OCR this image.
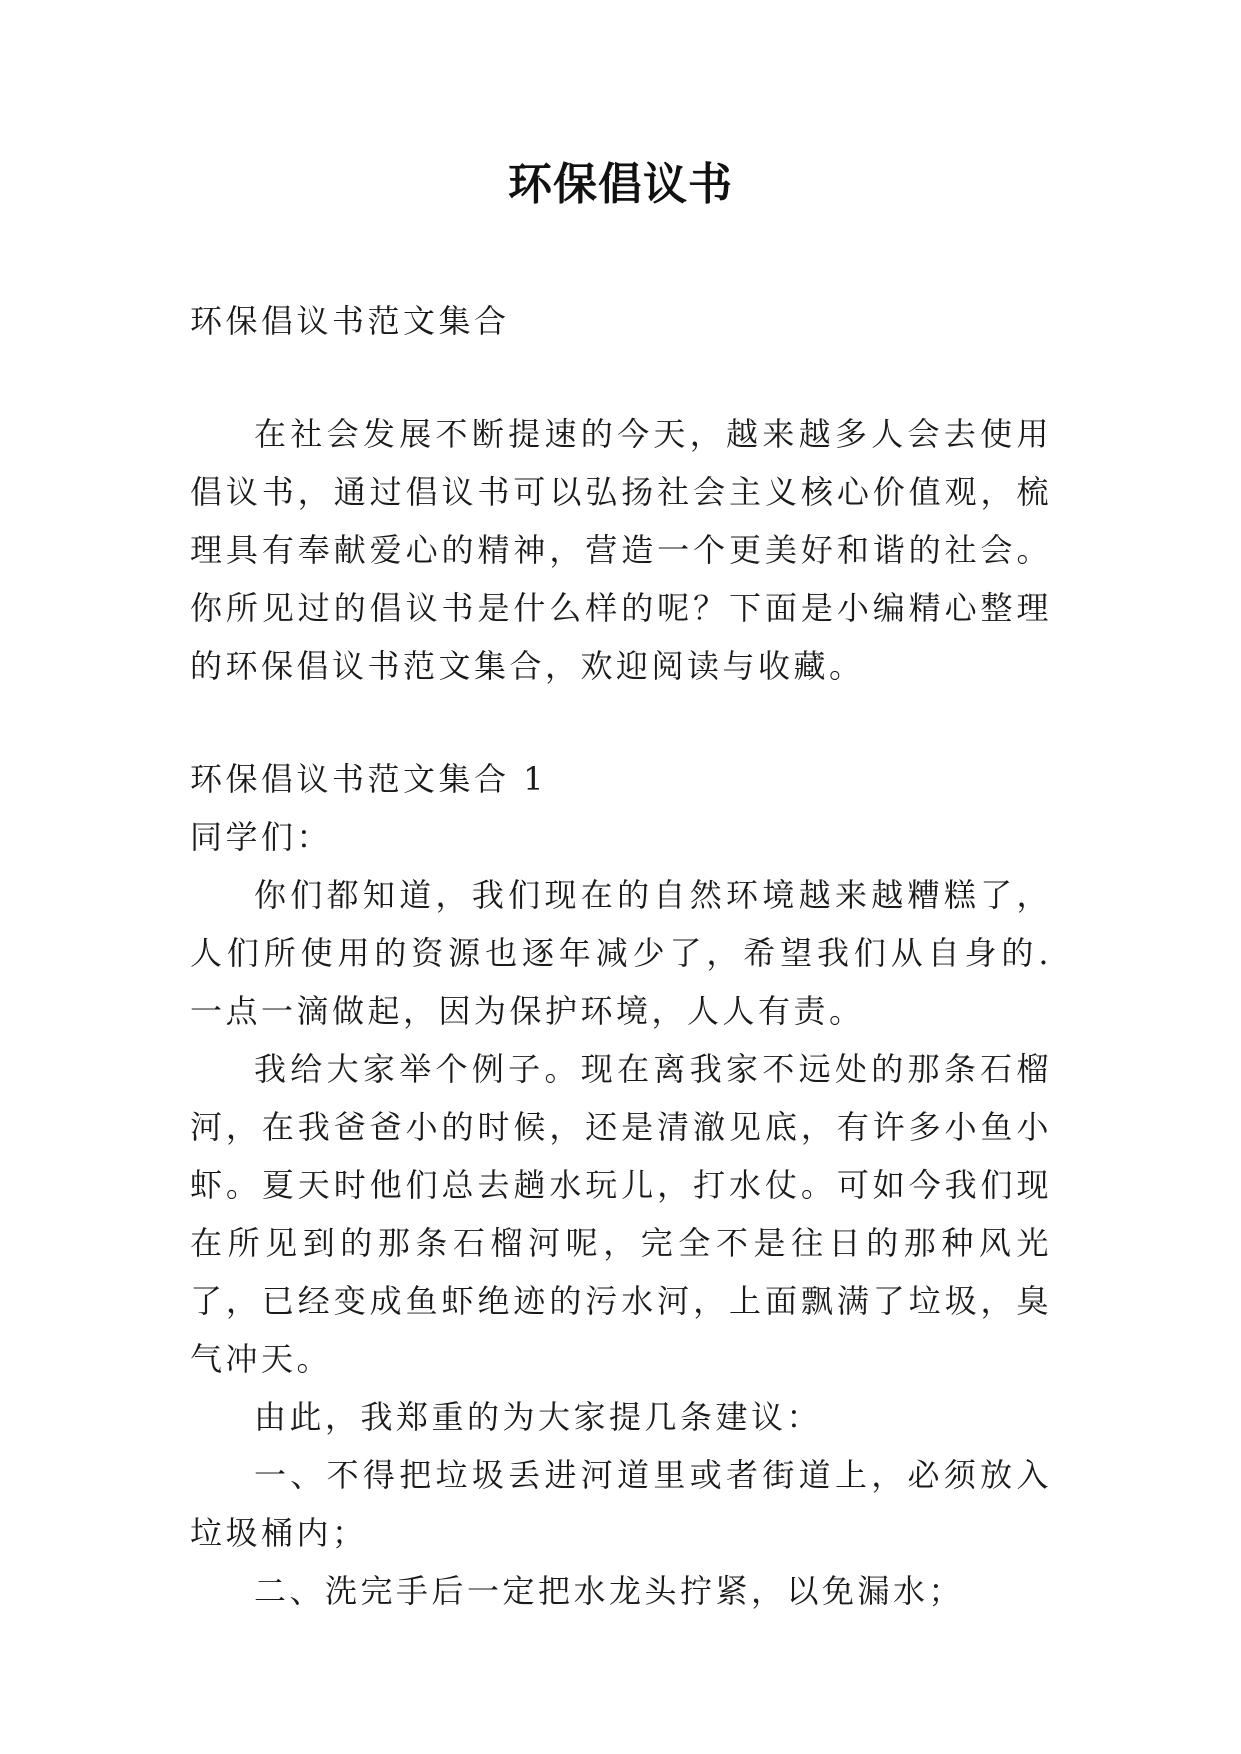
环保倡议书

环保倡议书范文集合

在社会发展不断提速的今天，越来越多人会去使用倡议书，通过倡议书可以弘扬社会主义核心价值观，梳理具有奉献爱心的精神，营造一个更美好和谐的社会。你所见过的倡议书是什么样的呢？下面是小编精心整理的环保倡议书范文集合，欢迎阅读与收藏。

环保倡议书范文集合 1

同学们：

你们都知道，我们现在的自然环境越来越糟糕了，人们所使用的资源也逐年减少了，希望我们从自身的.一点一滴做起，因为保护环境，人人有责。

我给大家举个例子。现在离我家不远处的那条石榴河，在我爸爸小的时候，还是清澈见底，有许多小鱼小虾。夏天时他们总去趟水玩儿，打水仗。可如今我们现在所见到的那条石榴河呢，完全不是往日的那种风光了，已经变成鱼虾绝迹的污水河，上面飘满了垃圾，臭气冲天。

由此，我郑重的为大家提几条建议：

一、不得把垃圾丢进河道里或者街道上，必须放入垃圾桶内；

二、洗完手后一定把水龙头拧紧，以免漏水；
